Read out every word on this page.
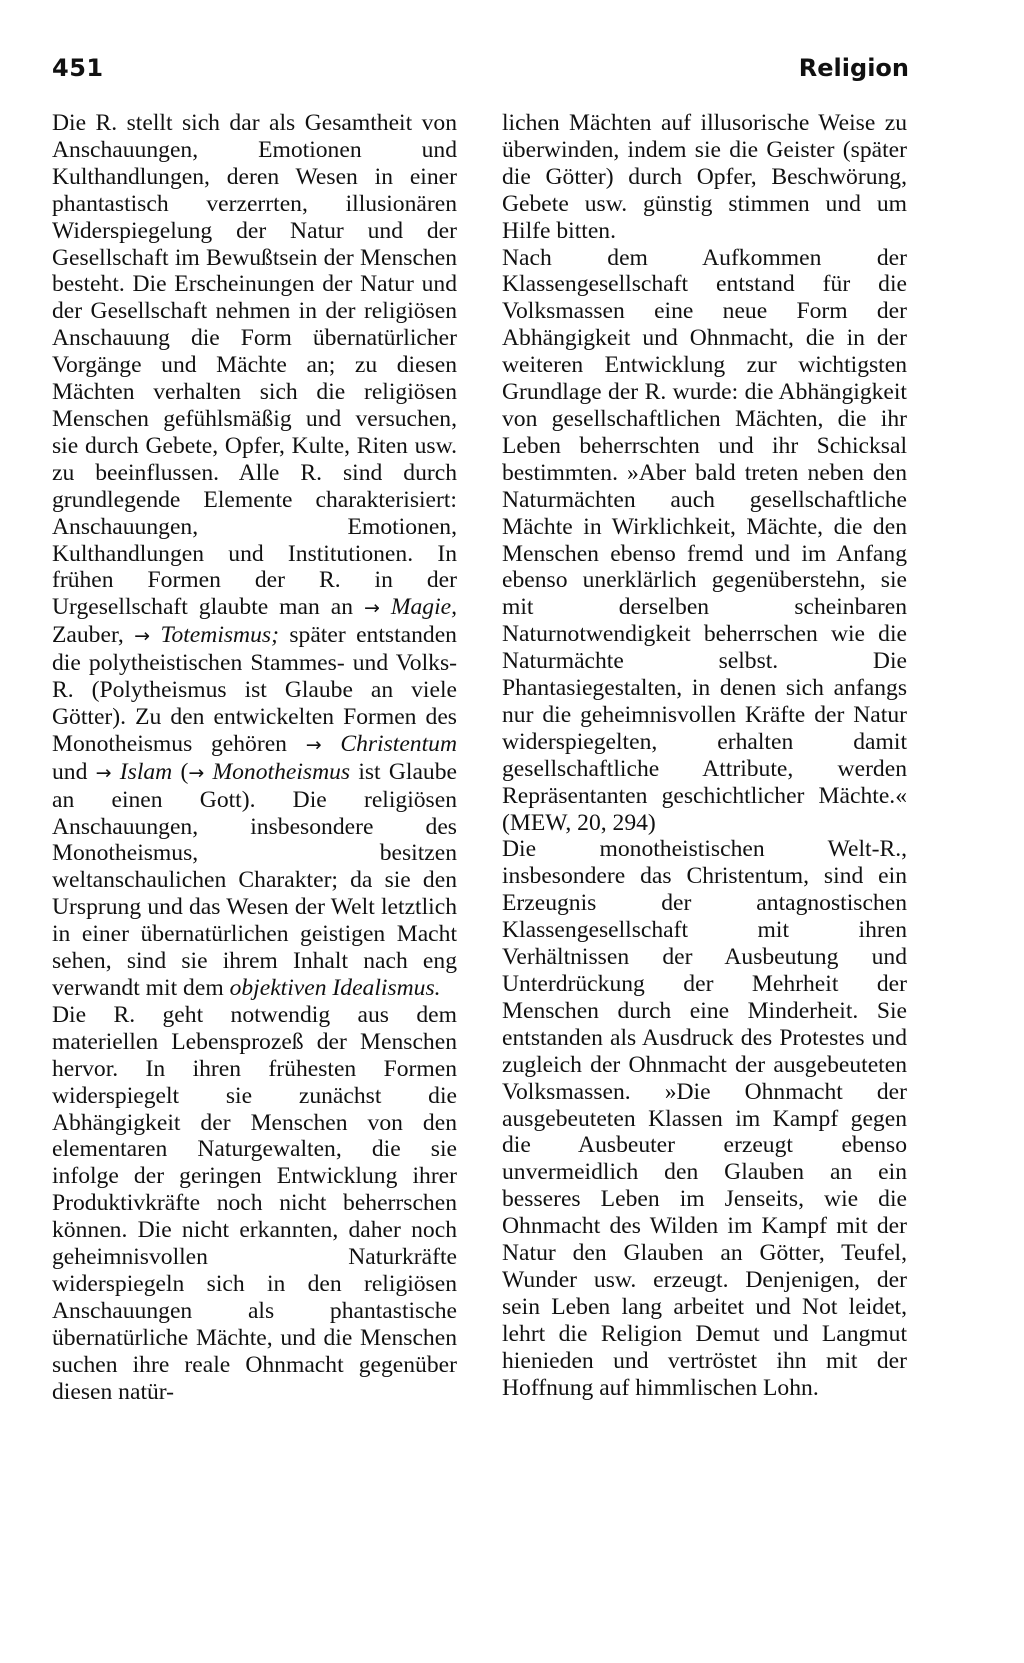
451	Religion

Die R. stellt sich dar als Gesamtheit von Anschauungen, Emotionen und Kulthandlungen, deren Wesen in einer phantastisch verzerrten, illusionären Widerspiegelung der Natur und der Gesellschaft im Bewußtsein der Menschen besteht. Die Erscheinungen der Natur und der Gesellschaft nehmen in der religiösen Anschauung die Form übernatürlicher Vorgänge und Mächte an; zu diesen Mächten verhalten sich die religiösen Menschen gefühlsmäßig und versuchen, sie durch Gebete, Opfer, Kulte, Riten usw. zu beeinflussen. Alle R. sind durch grundlegende Elemente charakterisiert: Anschauungen, Emotionen, Kulthandlungen und Institutionen. In frühen Formen der R. in der Urgesellschaft glaubte man an → Magie, Zauber, → Totemismus; später entstanden die polytheistischen Stammes- und Volks-R. (Polytheismus ist Glaube an viele Götter). Zu den entwickelten Formen des Monotheismus gehören → Christentum und → Islam (→ Monotheismus ist Glaube an einen Gott). Die religiösen Anschauungen, insbesondere des Monotheismus, besitzen weltanschaulichen Charakter; da sie den Ursprung und das Wesen der Welt letztlich in einer übernatürlichen geistigen Macht sehen, sind sie ihrem Inhalt nach eng verwandt mit dem objektiven Idealismus.

Die R. geht notwendig aus dem materiellen Lebensprozeß der Menschen hervor. In ihren frühesten Formen widerspiegelt sie zunächst die Abhängigkeit der Menschen von den elementaren Naturgewalten, die sie infolge der geringen Entwicklung ihrer Produktivkräfte noch nicht beherrschen können. Die nicht erkannten, daher noch geheimnisvollen Naturkräfte widerspiegeln sich in den religiösen Anschauungen als phantastische übernatürliche Mächte, und die Menschen suchen ihre reale Ohnmacht gegenüber diesen natür-

lichen Mächten auf illusorische Weise zu überwinden, indem sie die Geister (später die Götter) durch Opfer, Beschwörung, Gebete usw. günstig stimmen und um Hilfe bitten.

Nach dem Aufkommen der Klassengesellschaft entstand für die Volksmassen eine neue Form der Abhängigkeit und Ohnmacht, die in der weiteren Entwicklung zur wichtigsten Grundlage der R. wurde: die Abhängigkeit von gesellschaftlichen Mächten, die ihr Leben beherrschten und ihr Schicksal bestimmten. »Aber bald treten neben den Naturmächten auch gesellschaftliche Mächte in Wirklichkeit, Mächte, die den Menschen ebenso fremd und im Anfang ebenso unerklärlich gegenüberstehn, sie mit derselben scheinbaren Naturnotwendigkeit beherrschen wie die Naturmächte selbst. Die Phantasiegestalten, in denen sich anfangs nur die geheimnisvollen Kräfte der Natur widerspiegelten, erhalten damit gesellschaftliche Attribute, werden Repräsentanten geschichtlicher Mächte.« (MEW, 20, 294)

Die monotheistischen Welt-R., insbesondere das Christentum, sind ein Erzeugnis der antagnostischen Klassengesellschaft mit ihren Verhältnissen der Ausbeutung und Unterdrückung der Mehrheit der Menschen durch eine Minderheit. Sie entstanden als Ausdruck des Protestes und zugleich der Ohnmacht der ausgebeuteten Volksmassen. »Die Ohnmacht der ausgebeuteten Klassen im Kampf gegen die Ausbeuter erzeugt ebenso unvermeidlich den Glauben an ein besseres Leben im Jenseits, wie die Ohnmacht des Wilden im Kampf mit der Natur den Glauben an Götter, Teufel, Wunder usw. erzeugt. Denjenigen, der sein Leben lang arbeitet und Not leidet, lehrt die Religion Demut und Langmut hienieden und vertröstet ihn mit der Hoffnung auf himmlischen Lohn.
